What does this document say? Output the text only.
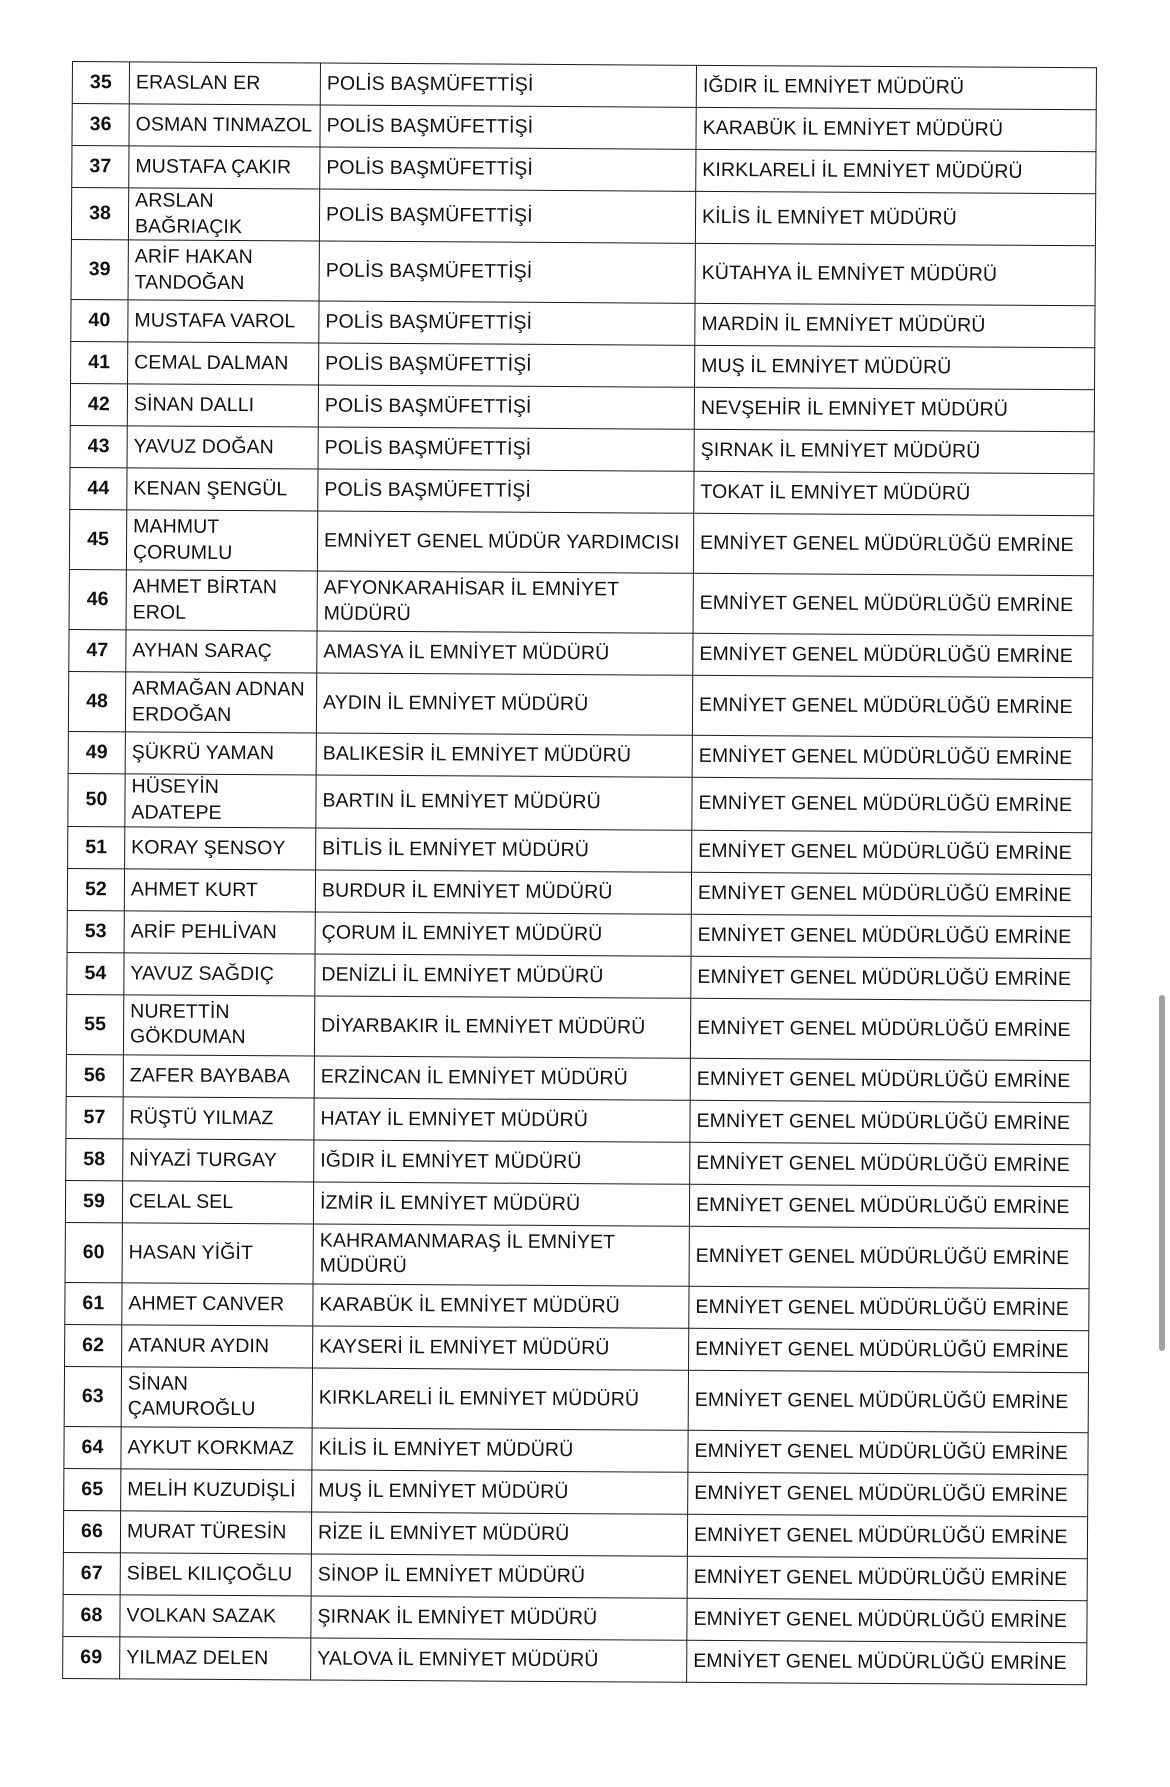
35	ERASLAN ER	POLİS BAŞMÜFETTİŞİ	IĞDIR İL EMNİYET MÜDÜRÜ
36	OSMAN TINMAZOL	POLİS BAŞMÜFETTİŞİ	KARABÜK İL EMNİYET MÜDÜRÜ
37	MUSTAFA ÇAKIR	POLİS BAŞMÜFETTİŞİ	KIRKLARELİ İL EMNİYET MÜDÜRÜ
38	ARSLAN BAĞRIAÇIK	POLİS BAŞMÜFETTİŞİ	KİLİS İL EMNİYET MÜDÜRÜ
39	ARİF HAKAN TANDOĞAN	POLİS BAŞMÜFETTİŞİ	KÜTAHYA İL EMNİYET MÜDÜRÜ
40	MUSTAFA VAROL	POLİS BAŞMÜFETTİŞİ	MARDİN İL EMNİYET MÜDÜRÜ
41	CEMAL DALMAN	POLİS BAŞMÜFETTİŞİ	MUŞ İL EMNİYET MÜDÜRÜ
42	SİNAN DALLI	POLİS BAŞMÜFETTİŞİ	NEVŞEHİR İL EMNİYET MÜDÜRÜ
43	YAVUZ DOĞAN	POLİS BAŞMÜFETTİŞİ	ŞIRNAK İL EMNİYET MÜDÜRÜ
44	KENAN ŞENGÜL	POLİS BAŞMÜFETTİŞİ	TOKAT İL EMNİYET MÜDÜRÜ
45	MAHMUT ÇORUMLU	EMNİYET GENEL MÜDÜR YARDIMCISI	EMNİYET GENEL MÜDÜRLÜĞÜ EMRİNE
46	AHMET BİRTAN EROL	AFYONKARAHİSAR İL EMNİYET MÜDÜRÜ	EMNİYET GENEL MÜDÜRLÜĞÜ EMRİNE
47	AYHAN SARAÇ	AMASYA İL EMNİYET MÜDÜRÜ	EMNİYET GENEL MÜDÜRLÜĞÜ EMRİNE
48	ARMAĞAN ADNAN ERDOĞAN	AYDIN İL EMNİYET MÜDÜRÜ	EMNİYET GENEL MÜDÜRLÜĞÜ EMRİNE
49	ŞÜKRÜ YAMAN	BALIKESİR İL EMNİYET MÜDÜRÜ	EMNİYET GENEL MÜDÜRLÜĞÜ EMRİNE
50	HÜSEYİN ADATEPE	BARTIN İL EMNİYET MÜDÜRÜ	EMNİYET GENEL MÜDÜRLÜĞÜ EMRİNE
51	KORAY ŞENSOY	BİTLİS İL EMNİYET MÜDÜRÜ	EMNİYET GENEL MÜDÜRLÜĞÜ EMRİNE
52	AHMET KURT	BURDUR İL EMNİYET MÜDÜRÜ	EMNİYET GENEL MÜDÜRLÜĞÜ EMRİNE
53	ARİF PEHLİVAN	ÇORUM İL EMNİYET MÜDÜRÜ	EMNİYET GENEL MÜDÜRLÜĞÜ EMRİNE
54	YAVUZ SAĞDIÇ	DENİZLİ İL EMNİYET MÜDÜRÜ	EMNİYET GENEL MÜDÜRLÜĞÜ EMRİNE
55	NURETTİN GÖKDUMAN	DİYARBAKIR İL EMNİYET MÜDÜRÜ	EMNİYET GENEL MÜDÜRLÜĞÜ EMRİNE
56	ZAFER BAYBABA	ERZİNCAN İL EMNİYET MÜDÜRÜ	EMNİYET GENEL MÜDÜRLÜĞÜ EMRİNE
57	RÜŞTÜ YILMAZ	HATAY İL EMNİYET MÜDÜRÜ	EMNİYET GENEL MÜDÜRLÜĞÜ EMRİNE
58	NİYAZİ TURGAY	IĞDIR İL EMNİYET MÜDÜRÜ	EMNİYET GENEL MÜDÜRLÜĞÜ EMRİNE
59	CELAL SEL	İZMİR İL EMNİYET MÜDÜRÜ	EMNİYET GENEL MÜDÜRLÜĞÜ EMRİNE
60	HASAN YİĞİT	KAHRAMANMARAŞ İL EMNİYET MÜDÜRÜ	EMNİYET GENEL MÜDÜRLÜĞÜ EMRİNE
61	AHMET CANVER	KARABÜK İL EMNİYET MÜDÜRÜ	EMNİYET GENEL MÜDÜRLÜĞÜ EMRİNE
62	ATANUR AYDIN	KAYSERİ İL EMNİYET MÜDÜRÜ	EMNİYET GENEL MÜDÜRLÜĞÜ EMRİNE
63	SİNAN ÇAMUROĞLU	KIRKLARELİ İL EMNİYET MÜDÜRÜ	EMNİYET GENEL MÜDÜRLÜĞÜ EMRİNE
64	AYKUT KORKMAZ	KİLİS İL EMNİYET MÜDÜRÜ	EMNİYET GENEL MÜDÜRLÜĞÜ EMRİNE
65	MELİH KUZUDİŞLİ	MUŞ İL EMNİYET MÜDÜRÜ	EMNİYET GENEL MÜDÜRLÜĞÜ EMRİNE
66	MURAT TÜRESİN	RİZE İL EMNİYET MÜDÜRÜ	EMNİYET GENEL MÜDÜRLÜĞÜ EMRİNE
67	SİBEL KILIÇOĞLU	SİNOP İL EMNİYET MÜDÜRÜ	EMNİYET GENEL MÜDÜRLÜĞÜ EMRİNE
68	VOLKAN SAZAK	ŞIRNAK İL EMNİYET MÜDÜRÜ	EMNİYET GENEL MÜDÜRLÜĞÜ EMRİNE
69	YILMAZ DELEN	YALOVA İL EMNİYET MÜDÜRÜ	EMNİYET GENEL MÜDÜRLÜĞÜ EMRİNE
